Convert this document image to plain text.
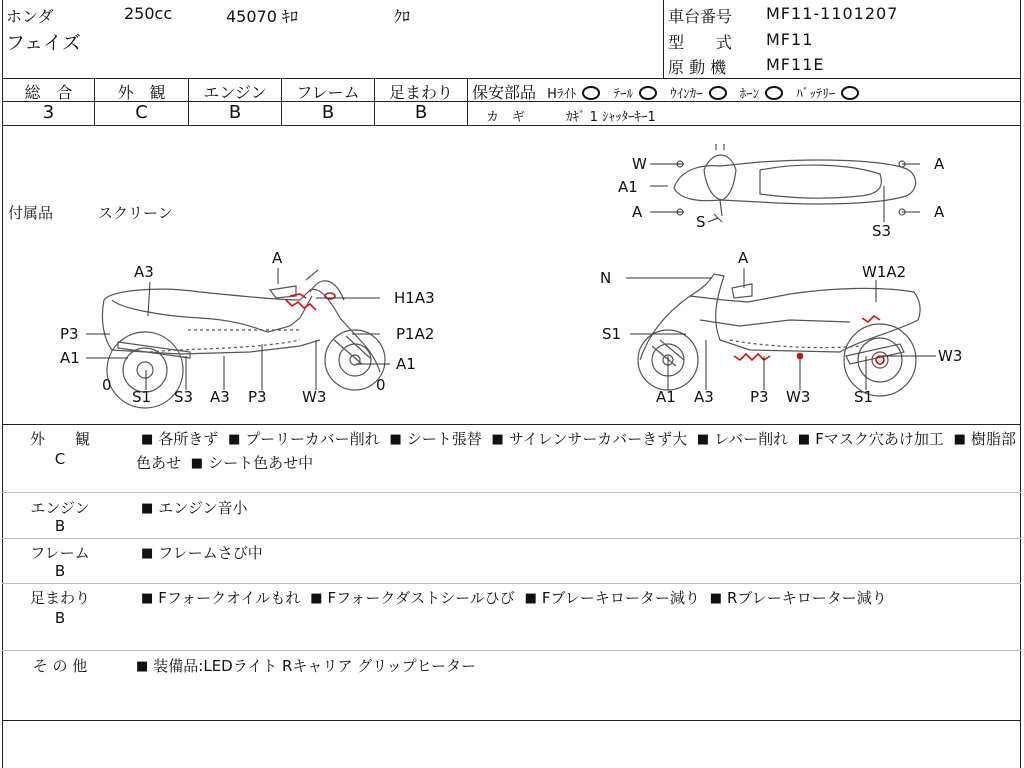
ホンダ	250cc	45070 ｷﾛ	ｸﾛ
フェイズ
車台番号 MF11-1101207
型　　式 MF11
原 動 機 MF11E
総　合	外　観	エンジン	フレーム	足まわり
3	C	B	B	B
保安部品 Hﾗｲﾄ	ﾃｰﾙ	ｳｲﾝｶｰ	ﾎｰﾝ	ﾊﾞｯﾃﾘｰ
カ　ギ	ｶｷﾞ 1 ｼｬｯﾀｰｷｰ1
付属品	スクリーン
W
A1
A
S
A
A
S3
A3
A
H1A3
P3	P1A2
A1	A1
0	0
S1 S3 A3 P3 W3
N
A
W1A2
S1
W3
A1 A3 P3 W3	S1
外　　観
C
■ 各所きず ■ プーリーカバー削れ ■ シート張替 ■ サイレンサーカバーきず大 ■ レバー削れ ■ Fマスク穴あけ加工 ■ 樹脂部色あせ ■ シート色あせ中
エンジン
B
■ エンジン音小
フレーム
B
■ フレームさび中
足まわり
B
■ Fフォークオイルもれ ■ Fフォークダストシールひび ■ Fブレーキローター減り ■ Rブレーキローター減り
そ の 他	■ 装備品:LEDライト Rキャリア グリップヒーター
